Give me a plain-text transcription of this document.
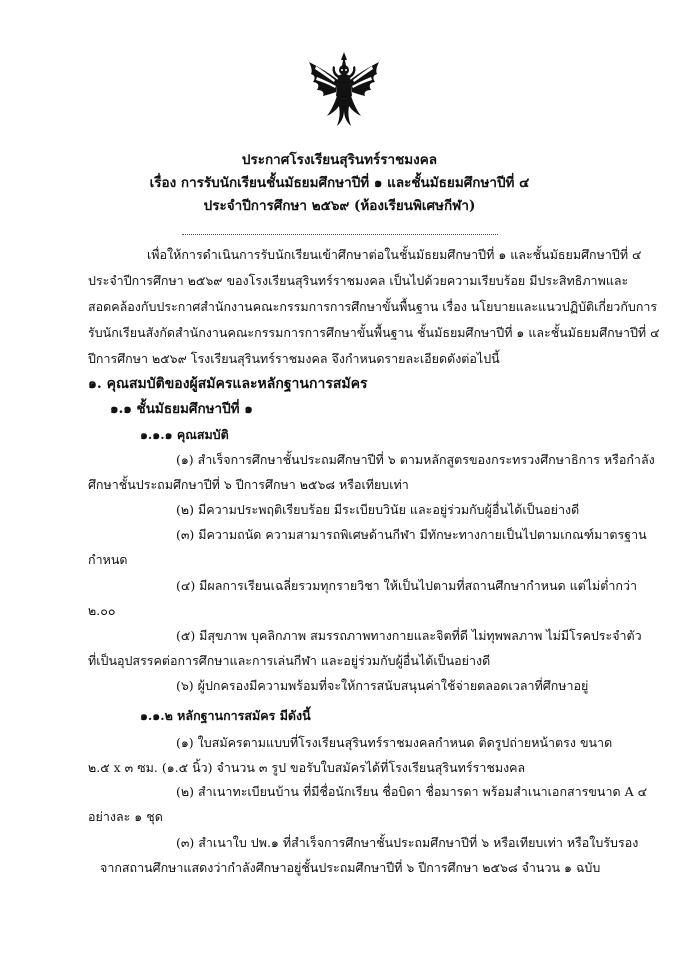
ประกาศโรงเรียนสุรินทร์ราชมงคล
เรื่อง การรับนักเรียนชั้นมัธยมศึกษาปีที่ ๑ และชั้นมัธยมศึกษาปีที่ ๔
ประจำปีการศึกษา ๒๕๖๙ (ห้องเรียนพิเศษกีฬา)
เพื่อให้การดำเนินการรับนักเรียนเข้าศึกษาต่อในชั้นมัธยมศึกษาปีที่ ๑ และชั้นมัธยมศึกษาปีที่ ๔
ประจำปีการศึกษา ๒๕๖๙ ของโรงเรียนสุรินทร์ราชมงคล เป็นไปด้วยความเรียบร้อย มีประสิทธิภาพและ
สอดคล้องกับประกาศสำนักงานคณะกรรมการการศึกษาขั้นพื้นฐาน เรื่อง นโยบายและแนวปฏิบัติเกี่ยวกับการ
รับนักเรียนสังกัดสำนักงานคณะกรรมการการศึกษาขั้นพื้นฐาน ชั้นมัธยมศึกษาปีที่ ๑ และชั้นมัธยมศึกษาปีที่ ๔
ปีการศึกษา ๒๕๖๙ โรงเรียนสุรินทร์ราชมงคล จึงกำหนดรายละเอียดดังต่อไปนี้
๑. คุณสมบัติของผู้สมัครและหลักฐานการสมัคร
๑.๑ ชั้นมัธยมศึกษาปีที่ ๑
๑.๑.๑ คุณสมบัติ
(๑) สำเร็จการศึกษาชั้นประถมศึกษาปีที่ ๖ ตามหลักสูตรของกระทรวงศึกษาธิการ หรือกำลัง
ศึกษาชั้นประถมศึกษาปีที่ ๖ ปีการศึกษา ๒๕๖๘ หรือเทียบเท่า
(๒) มีความประพฤติเรียบร้อย มีระเบียบวินัย และอยู่ร่วมกับผู้อื่นได้เป็นอย่างดี
(๓) มีความถนัด ความสามารถพิเศษด้านกีฬา มีทักษะทางกายเป็นไปตามเกณฑ์มาตรฐาน
กำหนด
(๔) มีผลการเรียนเฉลี่ยรวมทุกรายวิชา ให้เป็นไปตามที่สถานศึกษากำหนด แต่ไม่ต่ำกว่า
๒.๐๐
(๕) มีสุขภาพ บุคลิกภาพ สมรรถภาพทางกายและจิตที่ดี ไม่ทุพพลภาพ ไม่มีโรคประจำตัว
ที่เป็นอุปสรรคต่อการศึกษาและการเล่นกีฬา และอยู่ร่วมกับผู้อื่นได้เป็นอย่างดี
(๖) ผู้ปกครองมีความพร้อมที่จะให้การสนับสนุนค่าใช้จ่ายตลอดเวลาที่ศึกษาอยู่
๑.๑.๒ หลักฐานการสมัคร มีดังนี้
(๑) ใบสมัครตามแบบที่โรงเรียนสุรินทร์ราชมงคลกำหนด ติดรูปถ่ายหน้าตรง ขนาด
๒.๕ x ๓ ซม. (๑.๕ นิ้ว) จำนวน ๓ รูป ขอรับใบสมัครได้ที่โรงเรียนสุรินทร์ราชมงคล
(๒) สำเนาทะเบียนบ้าน ที่มีชื่อนักเรียน ชื่อบิดา ชื่อมารดา พร้อมสำเนาเอกสารขนาด A ๔
อย่างละ ๑ ชุด
(๓) สำเนาใบ ปพ.๑ ที่สำเร็จการศึกษาชั้นประถมศึกษาปีที่ ๖ หรือเทียบเท่า หรือใบรับรอง
จากสถานศึกษาแสดงว่ากำลังศึกษาอยู่ชั้นประถมศึกษาปีที่ ๖ ปีการศึกษา ๒๕๖๘ จำนวน ๑ ฉบับ
